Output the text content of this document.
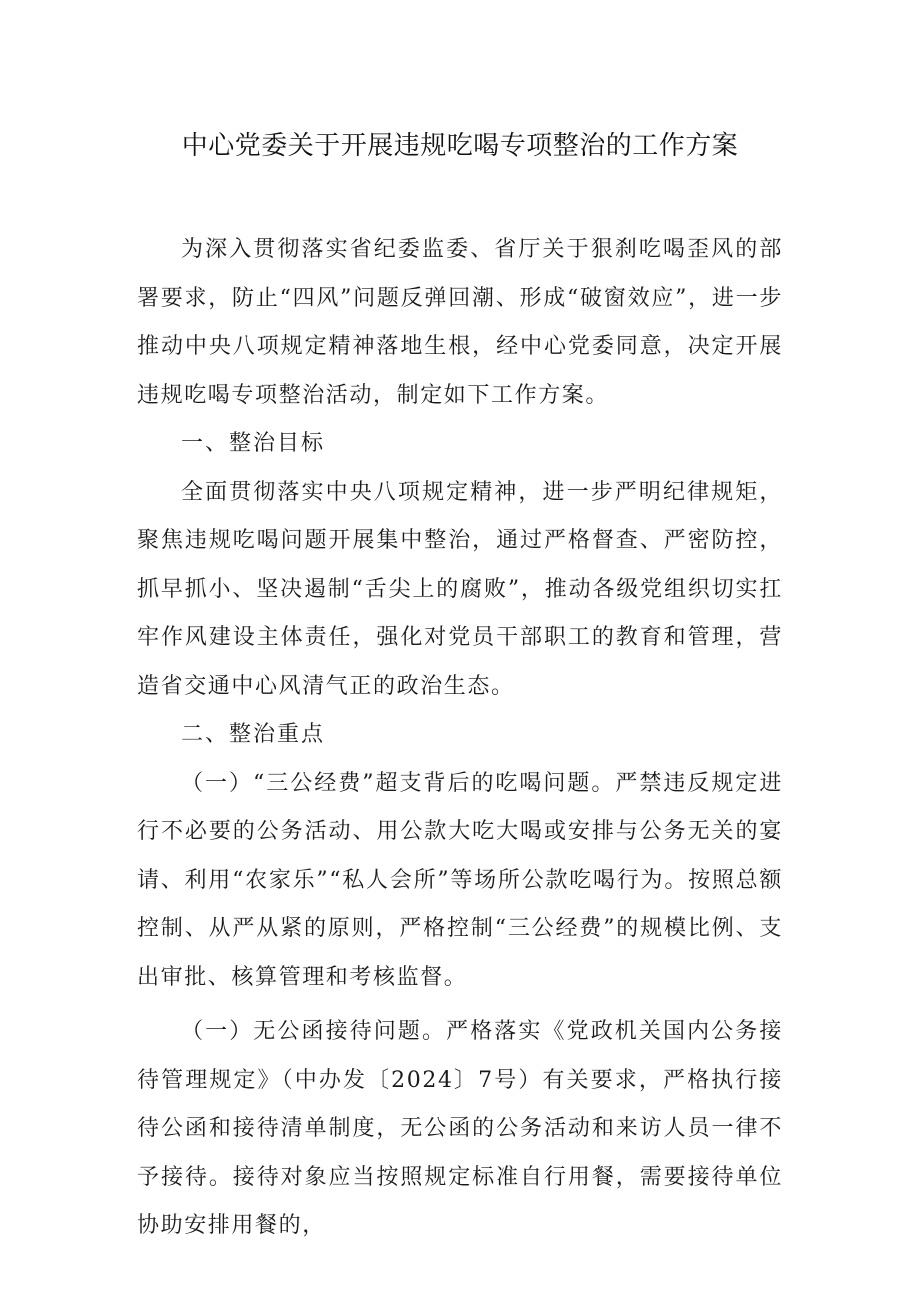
中心党委关于开展违规吃喝专项整治的工作方案

为深入贯彻落实省纪委监委、省厅关于狠刹吃喝歪风的部署要求，防止“四风”问题反弹回潮、形成“破窗效应”，进一步推动中央八项规定精神落地生根，经中心党委同意，决定开展违规吃喝专项整治活动，制定如下工作方案。

一、整治目标

全面贯彻落实中央八项规定精神，进一步严明纪律规矩，聚焦违规吃喝问题开展集中整治，通过严格督查、严密防控，抓早抓小、坚决遏制“舌尖上的腐败”，推动各级党组织切实扛牢作风建设主体责任，强化对党员干部职工的教育和管理，营造省交通中心风清气正的政治生态。

二、整治重点

（一）“三公经费”超支背后的吃喝问题。严禁违反规定进行不必要的公务活动、用公款大吃大喝或安排与公务无关的宴请、利用“农家乐”“私人会所”等场所公款吃喝行为。按照总额控制、从严从紧的原则，严格控制“三公经费”的规模比例、支出审批、核算管理和考核监督。

（一）无公函接待问题。严格落实《党政机关国内公务接待管理规定》（中办发〔2024〕7号）有关要求，严格执行接待公函和接待清单制度，无公函的公务活动和来访人员一律不予接待。接待对象应当按照规定标准自行用餐，需要接待单位协助安排用餐的，
